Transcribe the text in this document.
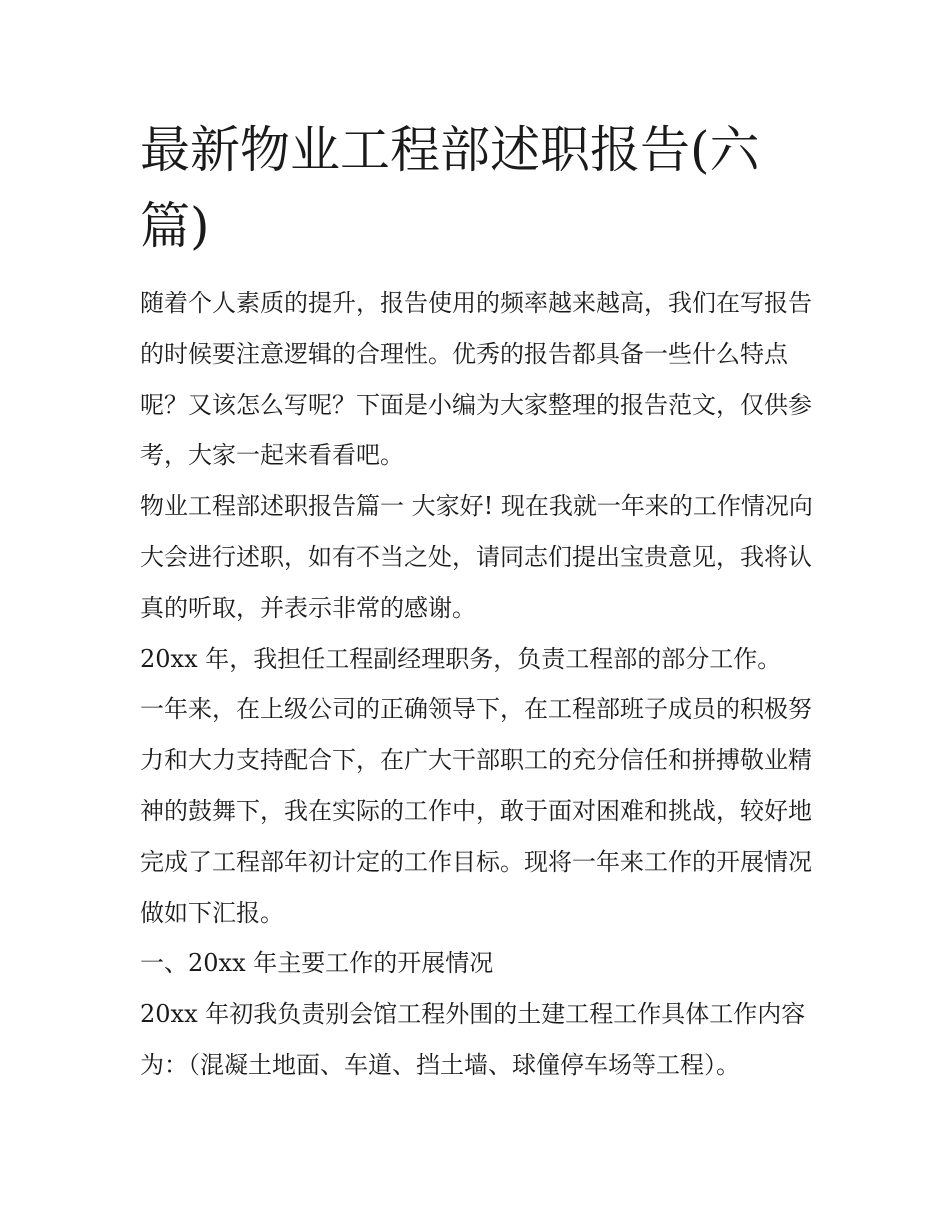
最新物业工程部述职报告(六篇)

随着个人素质的提升，报告使用的频率越来越高，我们在写报告的时候要注意逻辑的合理性。优秀的报告都具备一些什么特点呢？又该怎么写呢？下面是小编为大家整理的报告范文，仅供参考，大家一起来看看吧。

物业工程部述职报告篇一 大家好! 现在我就一年来的工作情况向大会进行述职，如有不当之处，请同志们提出宝贵意见，我将认真的听取，并表示非常的感谢。

20xx 年，我担任工程副经理职务，负责工程部的部分工作。

一年来，在上级公司的正确领导下，在工程部班子成员的积极努力和大力支持配合下，在广大干部职工的充分信任和拼搏敬业精神的鼓舞下，我在实际的工作中，敢于面对困难和挑战，较好地完成了工程部年初计定的工作目标。现将一年来工作的开展情况做如下汇报。

一、20xx 年主要工作的开展情况

20xx 年初我负责别会馆工程外围的土建工程工作具体工作内容为：（混凝土地面、车道、挡土墙、球僮停车场等工程）。
